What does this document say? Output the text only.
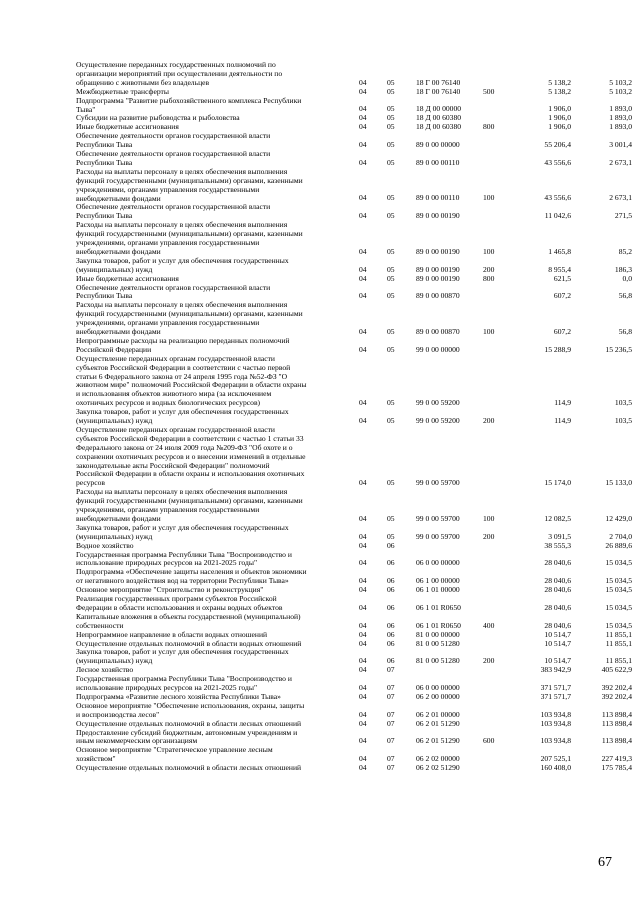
Осуществление переданных государственных полномочий по
организации мероприятий при осуществлении деятельности по
обращению с животными без владельцев	04	05	18 Г 00 76140	5 138,2	5 103,2
Межбюджетные трансферты	04	05	18 Г 00 76140	500	5 138,2	5 103,2
Подпрограмма "Развитие рыбохозяйственного комплекса Республики
Тыва"	04	05	18 Д 00 00000	1 906,0	1 893,0
Субсидии на развитие рыбоводства и рыболовства	04	05	18 Д 00 60380	1 906,0	1 893,0
Иные бюджетные ассигнования	04	05	18 Д 00 60380	800	1 906,0	1 893,0
Обеспечение деятельности органов государственной власти
Республики Тыва	04	05	89 0 00 00000	55 206,4	3 001,4
Обеспечение деятельности органов государственной власти
Республики Тыва	04	05	89 0 00 00110	43 556,6	2 673,1
Расходы на выплаты персоналу в целях обеспечения выполнения
функций государственными (муниципальными) органами, казенными
учреждениями, органами управления государственными
внебюджетными фондами	04	05	89 0 00 00110	100	43 556,6	2 673,1
Обеспечение деятельности органов государственной власти
Республики Тыва	04	05	89 0 00 00190	11 042,6	271,5
Расходы на выплаты персоналу в целях обеспечения выполнения
функций государственными (муниципальными) органами, казенными
учреждениями, органами управления государственными
внебюджетными фондами	04	05	89 0 00 00190	100	1 465,8	85,2
Закупка товаров, работ и услуг для обеспечения государственных
(муниципальных) нужд	04	05	89 0 00 00190	200	8 955,4	186,3
Иные бюджетные ассигнования	04	05	89 0 00 00190	800	621,5	0,0
Обеспечение деятельности органов государственной власти
Республики Тыва	04	05	89 0 00 00870	607,2	56,8
Расходы на выплаты персоналу в целях обеспечения выполнения
функций государственными (муниципальными) органами, казенными
учреждениями, органами управления государственными
внебюджетными фондами	04	05	89 0 00 00870	100	607,2	56,8
Непрограммные расходы на реализацию переданных полномочий
Российской Федерации	04	05	99 0 00 00000	15 288,9	15 236,5
Осуществление переданных органам государственной власти
субъектов Российской Федерации в соответствии с частью первой
статьи 6 Федерального закона от 24 апреля 1995 года №52-ФЗ "О
животном мире" полномочий Российской Федерации в области охраны
и использования объектов животного мира (за исключением
охотничьих ресурсов и водных биологических ресурсов)	04	05	99 0 00 59200	114,9	103,5
Закупка товаров, работ и услуг для обеспечения государственных
(муниципальных) нужд	04	05	99 0 00 59200	200	114,9	103,5
Осуществление переданных органам государственной власти
субъектов Российской Федерации в соответствии с частью 1 статьи 33
Федерального закона от 24 июля 2009 года №209-ФЗ "Об охоте и о
сохранении охотничьих ресурсов и о внесении изменений в отдельные
законодательные акты Российской Федерации" полномочий
Российской Федерации в области охраны и использования охотничьих
ресурсов	04	05	99 0 00 59700	15 174,0	15 133,0
Расходы на выплаты персоналу в целях обеспечения выполнения
функций государственными (муниципальными) органами, казенными
учреждениями, органами управления государственными
внебюджетными фондами	04	05	99 0 00 59700	100	12 082,5	12 429,0
Закупка товаров, работ и услуг для обеспечения государственных
(муниципальных) нужд	04	05	99 0 00 59700	200	3 091,5	2 704,0
Водное хозяйство	04	06	38 555,3	26 889,6
Государственная программа Республики Тыва "Воспроизводство и
использование природных ресурсов на 2021-2025 годы"	04	06	06 0 00 00000	28 040,6	15 034,5
Подпрограмма «Обеспечение защиты населения и объектов экономики
от негативного воздействия вод на территории Республики Тыва»	04	06	06 1 00 00000	28 040,6	15 034,5
Основное мероприятие "Строительство и реконструкция"	04	06	06 1 01 00000	28 040,6	15 034,5
Реализация государственных программ субъектов Российской
Федерации в области использования и охраны водных объектов	04	06	06 1 01 R0650	28 040,6	15 034,5
Капитальные вложения в объекты государственной (муниципальной)
собственности	04	06	06 1 01 R0650	400	28 040,6	15 034,5
Непрограммное направление в области водных отношений	04	06	81 0 00 00000	10 514,7	11 855,1
Осуществление отдельных полномочий в области водных отношений	04	06	81 0 00 51280	10 514,7	11 855,1
Закупка товаров, работ и услуг для обеспечения государственных
(муниципальных) нужд	04	06	81 0 00 51280	200	10 514,7	11 855,1
Лесное хозяйство	04	07	383 942,9	405 622,9
Государственная программа Республики Тыва "Воспроизводство и
использование природных ресурсов на 2021-2025 годы"	04	07	06 0 00 00000	371 571,7	392 202,4
Подпрограмма «Развитие лесного хозяйства Республики Тыва»	04	07	06 2 00 00000	371 571,7	392 202,4
Основное мероприятие "Обеспечение использования, охраны, защиты
и воспроизводства лесов"	04	07	06 2 01 00000	103 934,8	113 898,4
Осуществление отдельных полномочий в области лесных отношений	04	07	06 2 01 51290	103 934,8	113 898,4
Предоставление субсидий бюджетным, автономным учреждениям и
иным некоммерческим организациям	04	07	06 2 01 51290	600	103 934,8	113 898,4
Основное мероприятие "Стратегическое управление лесным
хозяйством"	04	07	06 2 02 00000	207 525,1	227 419,3
Осуществление отдельных полномочий в области лесных отношений	04	07	06 2 02 51290	160 408,0	175 785,4
67
